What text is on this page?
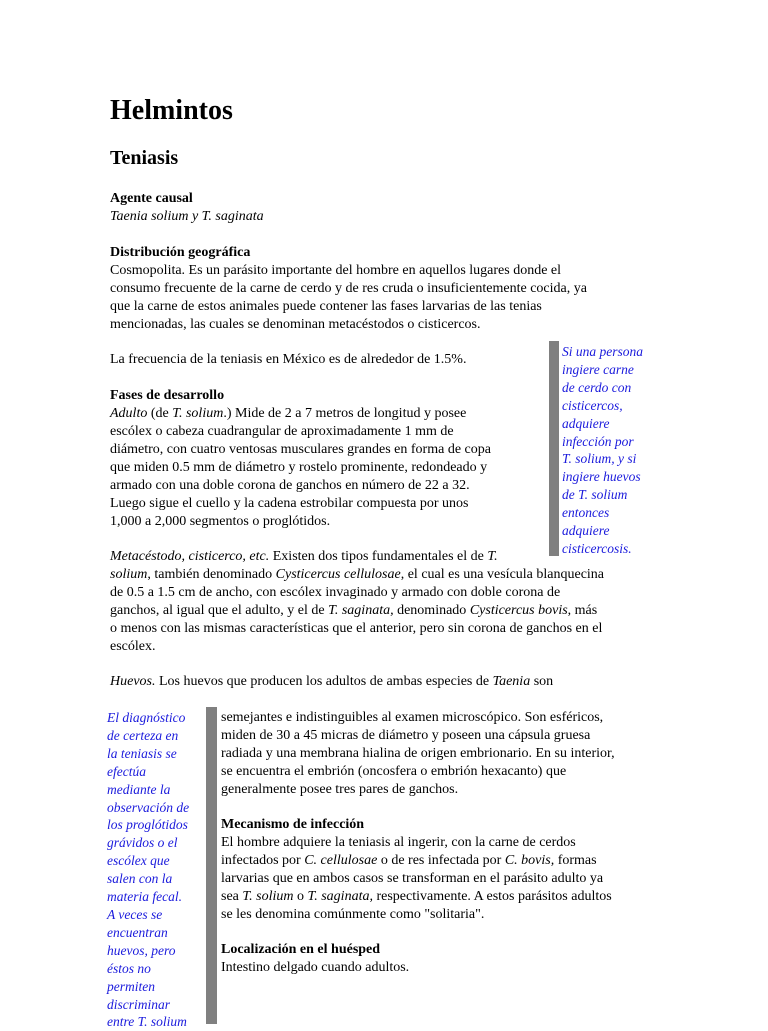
Helmintos
Teniasis
Agente causal
Taenia solium y T. saginata
Distribución geográfica
Cosmopolita. Es un parásito importante del hombre en aquellos lugares donde el
consumo frecuente de la carne de cerdo y de res cruda o insuficientemente cocida, ya
que la carne de estos animales puede contener las fases larvarias de las tenias
mencionadas, las cuales se denominan metacéstodos o cisticercos.
La frecuencia de la teniasis en México es de alrededor de 1.5%.
Fases de desarrollo
Adulto (de T. solium.) Mide de 2 a 7 metros de longitud y posee
escólex o cabeza cuadrangular de aproximadamente 1 mm de
diámetro, con cuatro ventosas musculares grandes en forma de copa
que miden 0.5 mm de diámetro y rostelo prominente, redondeado y
armado con una doble corona de ganchos en número de 22 a 32.
Luego sigue el cuello y la cadena estrobilar compuesta por unos
1,000 a 2,000 segmentos o proglótidos.
Si una persona
ingiere carne
de cerdo con
cisticercos,
adquiere
infección por
T. solium, y si
ingiere huevos
de T. solium
entonces
adquiere
cisticercosis.
Metacéstodo, cisticerco, etc. Existen dos tipos fundamentales el de T.
solium, también denominado Cysticercus cellulosae, el cual es una vesícula blanquecina
de 0.5 a 1.5 cm de ancho, con escólex invaginado y armado con doble corona de
ganchos, al igual que el adulto, y el de T. saginata, denominado Cysticercus bovis, más
o menos con las mismas características que el anterior, pero sin corona de ganchos en el
escólex.
Huevos. Los huevos que producen los adultos de ambas especies de Taenia son
El diagnóstico
de certeza en
la teniasis se
efectúa
mediante la
observación de
los proglótidos
grávidos o el
escólex que
salen con la
materia fecal.
A veces se
encuentran
huevos, pero
éstos no
permiten
discriminar
entre T. solium
semejantes e indistinguibles al examen microscópico. Son esféricos,
miden de 30 a 45 micras de diámetro y poseen una cápsula gruesa
radiada y una membrana hialina de origen embrionario. En su interior,
se encuentra el embrión (oncosfera o embrión hexacanto) que
generalmente posee tres pares de ganchos.
Mecanismo de infección
El hombre adquiere la teniasis al ingerir, con la carne de cerdos
infectados por C. cellulosae o de res infectada por C. bovis, formas
larvarias que en ambos casos se transforman en el parásito adulto ya
sea T. solium o T. saginata, respectivamente. A estos parásitos adultos
se les denomina comúnmente como "solitaria".
Localización en el huésped
Intestino delgado cuando adultos.
